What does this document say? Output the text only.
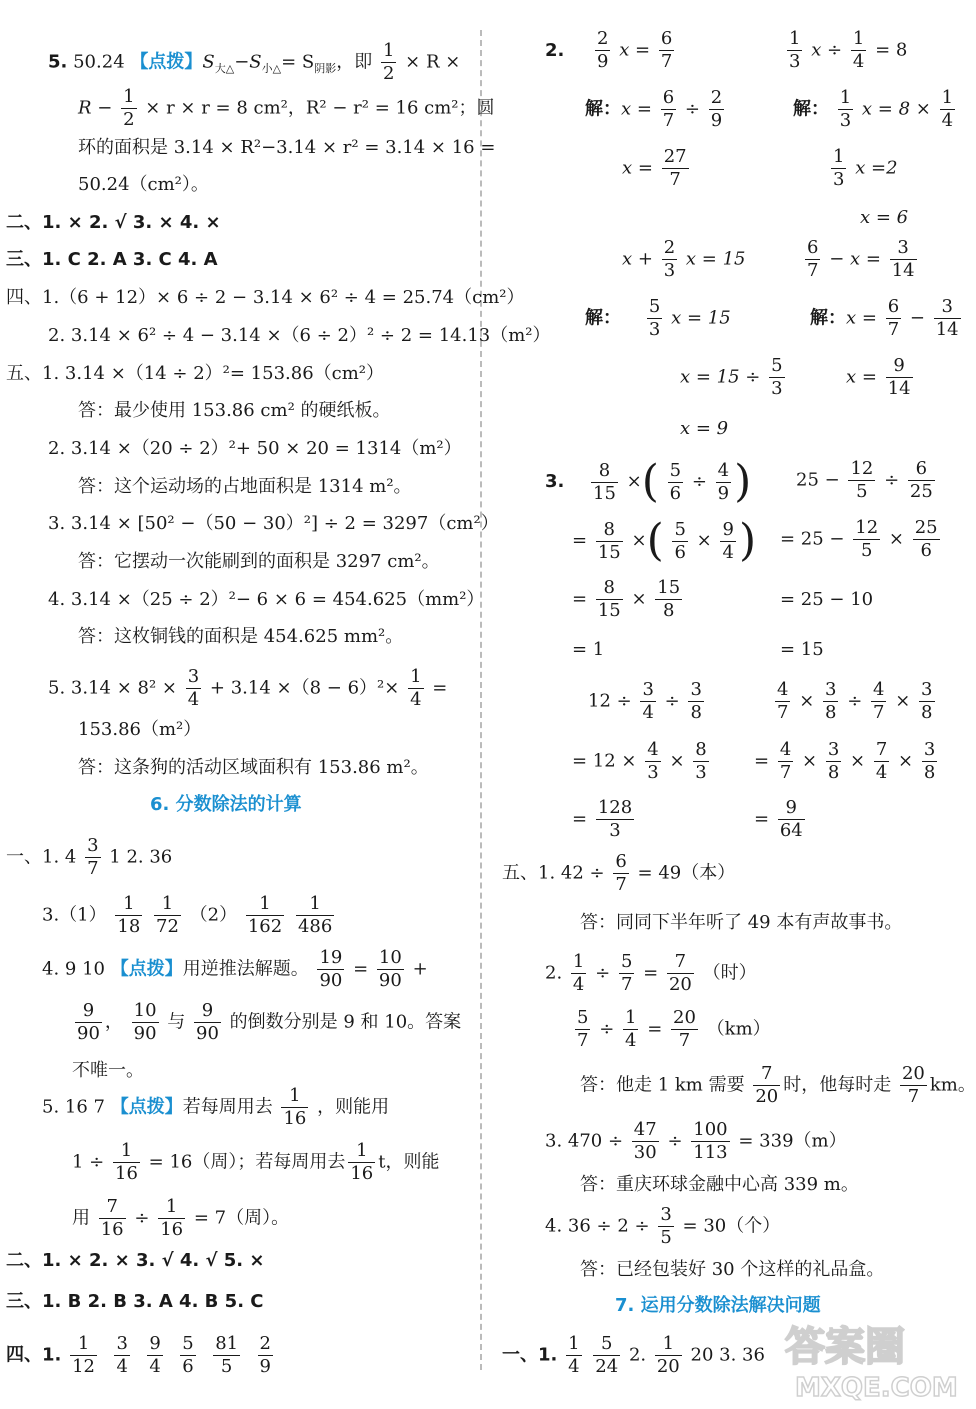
5. 50.24 【点拨】$S_{大\triangle}-S_{小\triangle}= S_{阴影}$，即 $\frac{1}{2} \times R$ ×
$R - \frac{1}{2} \times r \times r = 8$ cm²，R² − r² = 16 cm²；圆
环的面积是 3.14 × R²−3.14 × r² = 3.14 × 16 =
50.24（cm²）。
二、1. × 2. √ 3. × 4. ×
三、1. C 2. A 3. C 4. A
四、1.（6 + 12）× 6 ÷ 2 − 3.14 × 6² ÷ 4 = 25.74（cm²）
2. 3.14 × 6² ÷ 4 − 3.14 ×（6 ÷ 2）² ÷ 2 = 14.13（m²）
五、1. 3.14 ×（14 ÷ 2）²= 153.86（cm²）
答：最少使用 153.86 cm² 的硬纸板。
2. 3.14 ×（20 ÷ 2）²+ 50 × 20 = 1314（m²）
答：这个运动场的占地面积是 1314 m²。
3. 3.14 × [50² −（50 − 30）²] ÷ 2 = 3297（cm²）
答：它摆动一次能刷到的面积是 3297 cm²。
4. 3.14 ×（25 ÷ 2）²− 6 × 6 = 454.625（mm²）
答：这枚铜钱的面积是 454.625 mm²。
5. $3.14 \times 8^2 \times \frac{3}{4} + 3.14 \times(8 - 6)^2\times \frac{1}{4}$ =
153.86（m²）
答：这条狗的活动区域面积有 153.86 m²。
6. 分数除法的计算
一、1. $4 \frac{3}{7} 1$ 2. 36
$3.(1) \frac{1}{18}$
$\frac{1}{72} (2) \frac{1}{162}$
$\frac{1}{486}$
4. 9 10 【点拨】用逆推法解题。 $\frac{19}{90} = \frac{10}{90}$ +
$\frac{9}{90}$ ， $\frac{10}{90}$ 与 $\frac{9}{90}$ 的倒数分别是 9 和 10。答案
不唯一。
5. 16 7 【点拨】若每周用去 $\frac{1}{16}$ ，则能用
$1 \div \frac{1}{16} = 16$（周）；若每周用去 $\frac{1}{16}$ t，则能
用 $\frac{7}{16} \div \frac{1}{16} = 7$（周）。
二、1. × 2. × 3. √ 4. √ 5. ×
三、1. B 2. B 3. A 4. B 5. C
四、1. $\frac{1}{12}$
$\frac{3}{4}$
$\frac{9}{4}$
$\frac{5}{6}$
$\frac{81}{5}$
$\frac{2}{9}$
2. $\frac{2}{9}$ $x = \frac{6}{7}$	$\frac{1}{3}$ $x \div \frac{1}{4} = 8$
解：$x = \frac{6}{7} \div \frac{2}{9}$	解： $\frac{1}{3}$ $x = 8 \times \frac{1}{4}$
$x = \frac{27}{7}$	$\frac{1}{3}$ x =2
x = 6
$x + \frac{2}{3}$ x = 15	$\frac{6}{7} - x = \frac{3}{14}$
解： $\frac{5}{3}$ x = 15	解：$x = \frac{6}{7} - \frac{3}{14}$
$x = 15 \div \frac{5}{3}$	$x = \frac{9}{14}$
x = 9
3. $\frac{8}{15}$ ×( $\frac{5}{6} \div \frac{4}{9}$ ) $25 - \frac{12}{5} \div \frac{6}{25}$
= $\frac{8}{15}$ ×( $\frac{5}{6} \times \frac{9}{4}$ ) = $25 - \frac{12}{5} \times \frac{25}{6}$
= $\frac{8}{15} \times \frac{15}{8}$	= 25 − 10
= 1	= 15
$12 \div \frac{3}{4} \div \frac{3}{8}$	$\frac{4}{7} \times \frac{3}{8} \div \frac{4}{7} \times \frac{3}{8}$
= $12 \times \frac{4}{3} \times \frac{8}{3}$	= $\frac{4}{7} \times \frac{3}{8} \times \frac{7}{4} \times \frac{3}{8}$
= $\frac{128}{3}$	= $\frac{9}{64}$
五、1. $42 \div \frac{6}{7} = 49$（本）
答：同同下半年听了 49 本有声故事书。
2. $\frac{1}{4} \div \frac{5}{7} = \frac{7}{20}$ （时）
$\frac{5}{7} \div \frac{1}{4} = \frac{20}{7} (km)$
答：他走 1 km 需要 $\frac{7}{20}$ 时，他每时走 $\frac{20}{7}$ km。
3. $470 \div \frac{47}{30} \div \frac{100}{113} = 339(m)$
答：重庆环球金融中心高 339 m。
4. $36 \div 2 \div \frac{3}{5} = 30$（个）
答：已经包装好 30 个这样的礼品盒。
7. 运用分数除法解决问题
一、1. $\frac{1}{4}$
$\frac{5}{24} 2$. $\frac{1}{20} 20$ 3. 36 答案圈
MXQE.COM
